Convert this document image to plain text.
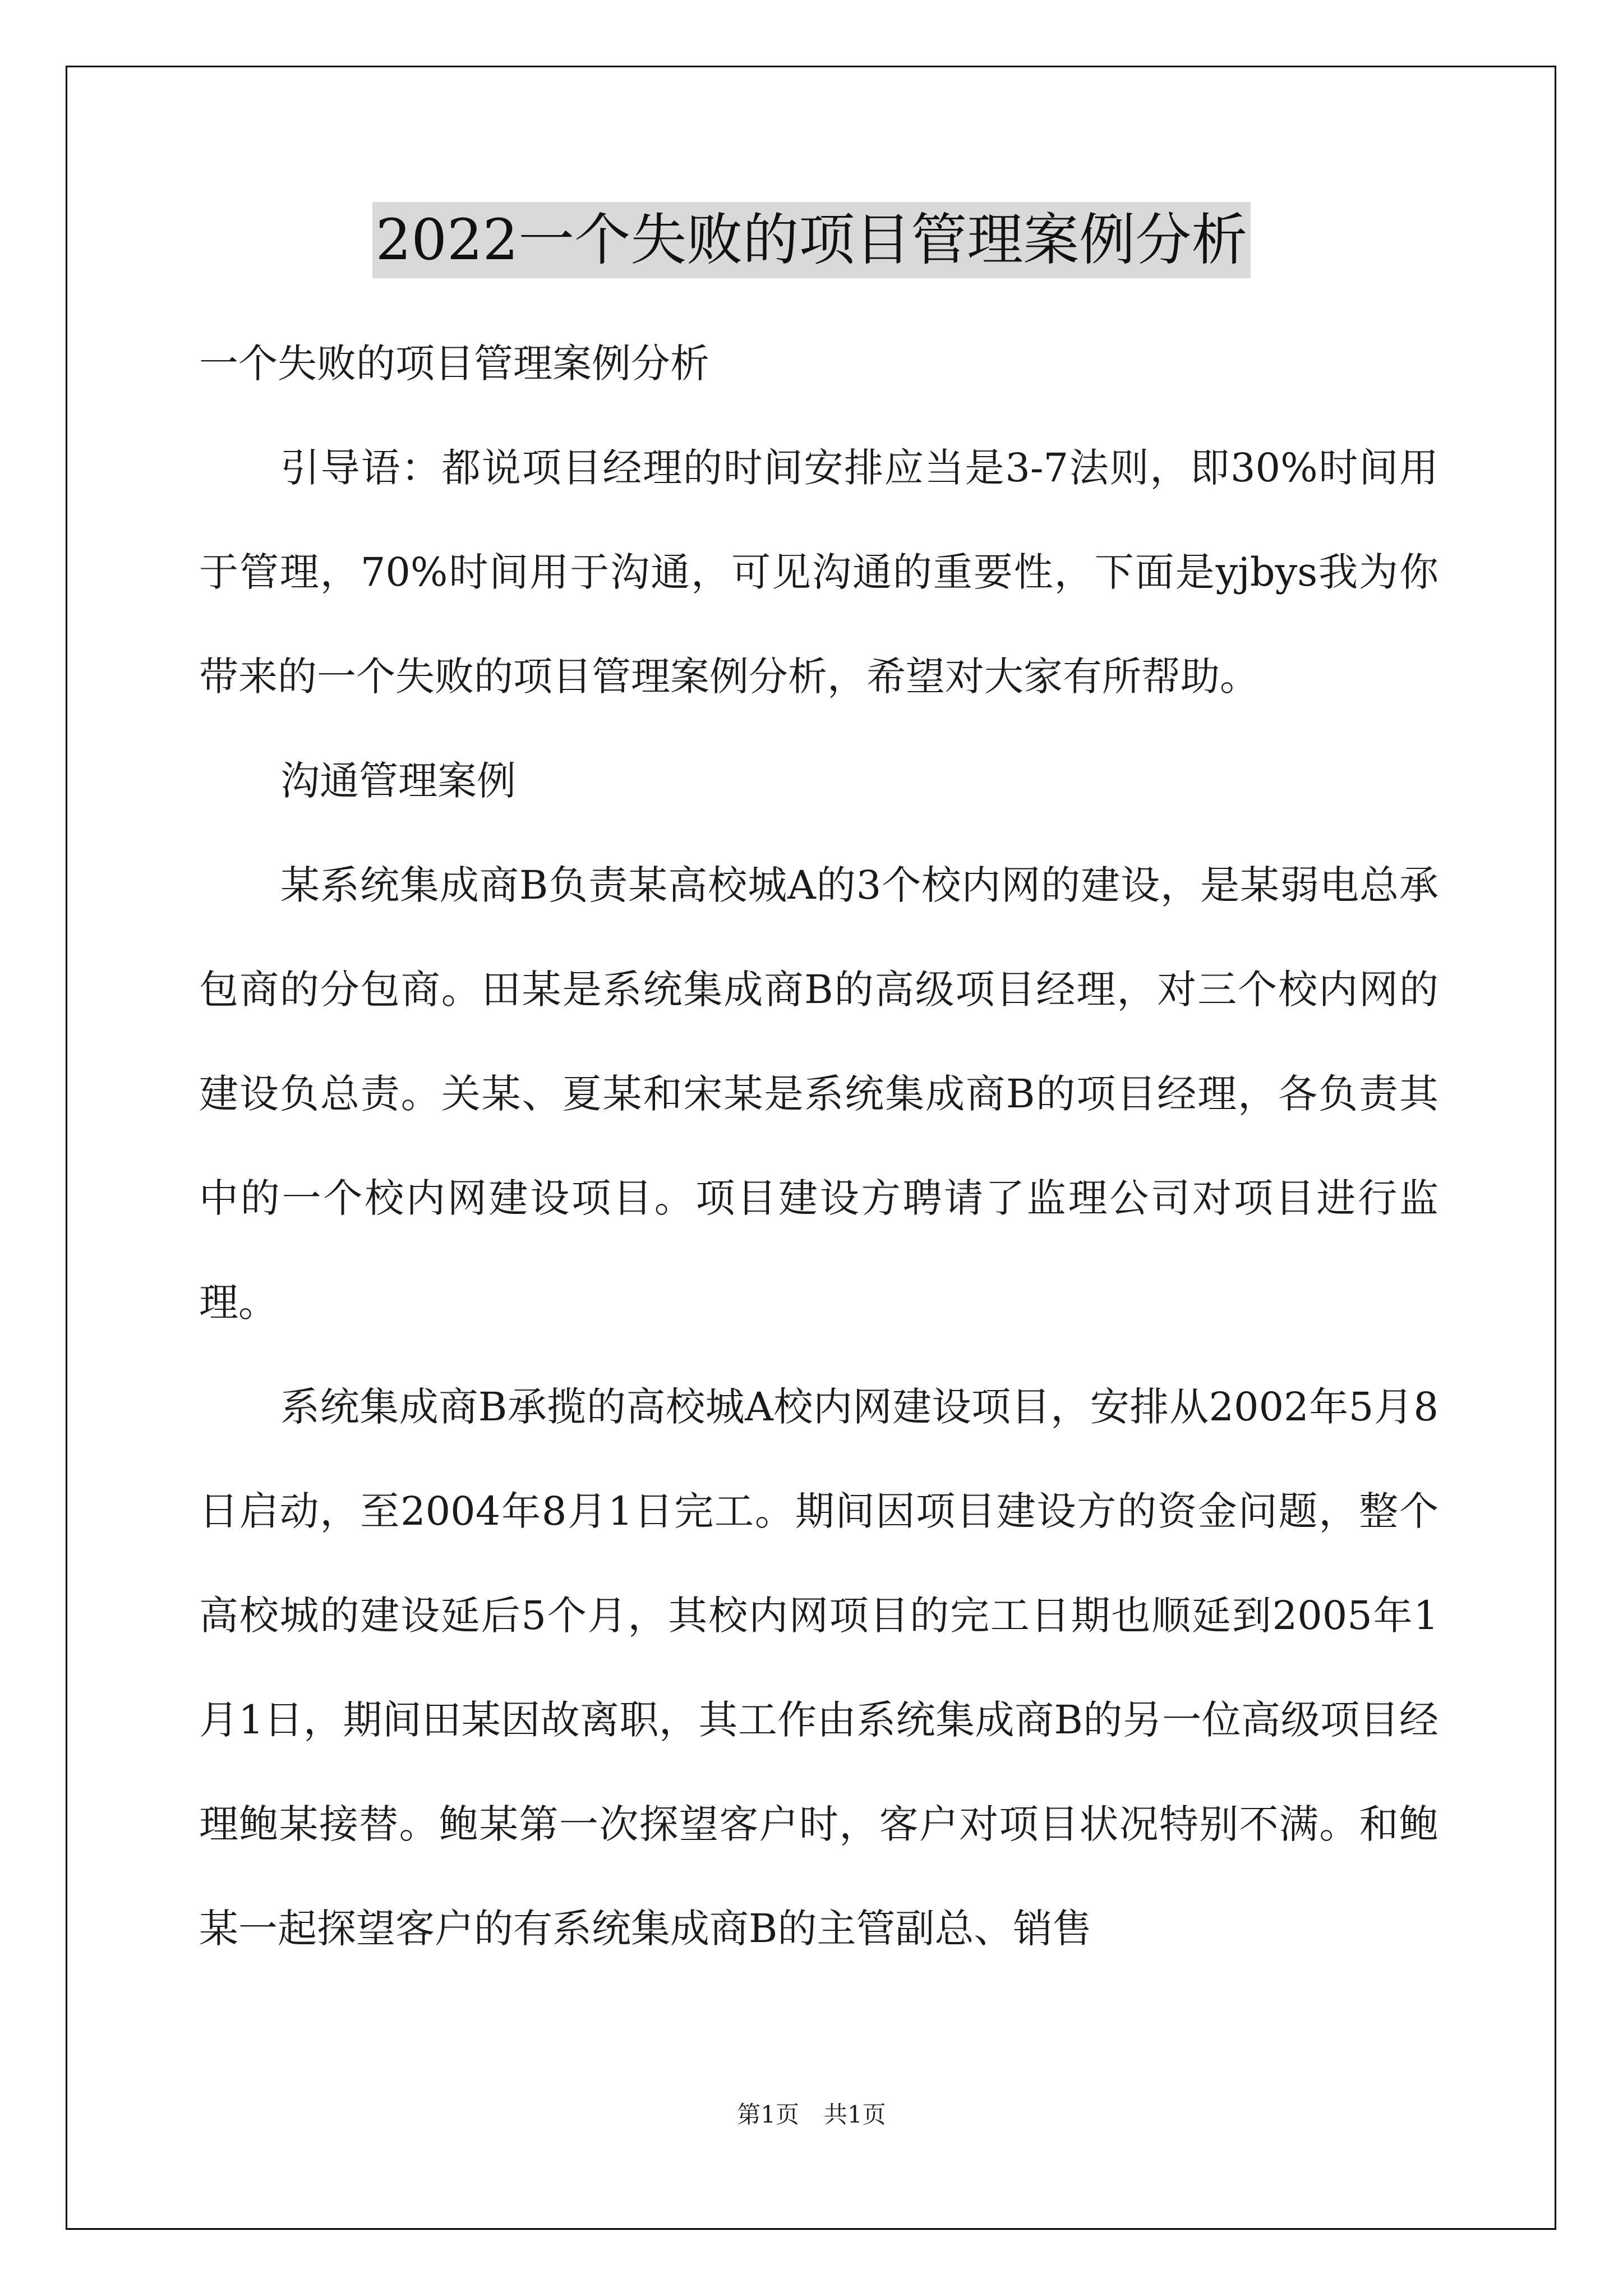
2022一个失败的项目管理案例分析

一个失败的项目管理案例分析

引导语：都说项目经理的时间安排应当是3-7法则，即30%时间用于管理，70%时间用于沟通，可见沟通的重要性，下面是yjbys我为你带来的一个失败的项目管理案例分析，希望对大家有所帮助。

沟通管理案例

某系统集成商B负责某高校城A的3个校内网的建设，是某弱电总承包商的分包商。田某是系统集成商B的高级项目经理，对三个校内网的建设负总责。关某、夏某和宋某是系统集成商B的项目经理，各负责其中的一个校内网建设项目。项目建设方聘请了监理公司对项目进行监理。

系统集成商B承揽的高校城A校内网建设项目，安排从2002年5月8日启动，至2004年8月1日完工。期间因项目建设方的资金问题，整个高校城的建设延后5个月，其校内网项目的完工日期也顺延到2005年1月1日，期间田某因故离职，其工作由系统集成商B的另一位高级项目经理鲍某接替。鲍某第一次探望客户时，客户对项目状况特别不满。和鲍某一起探望客户的有系统集成商B的主管副总、销售

第1页 共1页
